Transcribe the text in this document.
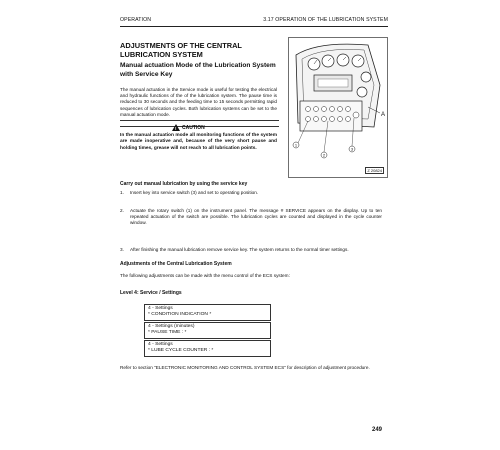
OPERATION	3.17 OPERATION OF THE LUBRICATION SYSTEM
ADJUSTMENTS OF THE CENTRAL LUBRICATION SYSTEM
Manual actuation Mode of the Lubrication System with Service Key
The manual actuation in the Service mode is useful for testing the electrical and hydraulic functions of the of the lubrication system. The pause time is reduced to 30 seconds and the feeding time to 15 seconds permitting rapid sequences of lubrication cycles. Both lubrication systems can be set to the manual actuation mode.
! CAUTION
In the manual actuation mode all monitoring functions of the system are made inoperative and, because of the very short pause and holding times, grease will not reach to all lubrication points.
1
2
3
A
Z 20824
Carry out manual lubrication by using the service key
1.	Insert key into service switch (3) and set to operating position.
2.	Actuate the rotary switch (1) on the instrument panel. The message # SERVICE appears on the display. Up to ten repeated actuation of the switch are possible. The lubrication cycles are counted and displayed in the cycle counter window.
3.	After finishing the manual lubrication remove service key. The system returns to the normal timer settings.
Adjustments of the Central Lubrication System
The following adjustments can be made with the menu control of the ECS system:
Level 4: Service / Settings
4 - Settings
* CONDITION INDICATION *
4 - Settings (minutes)
* PAUSE TIME : *
4 - Settings
* LUBE CYCLE COUNTER : *
Refer to section "ELECTRONIC MONITORING AND CONTROL SYSTEM ECS" for description of adjustment procedure.
249
